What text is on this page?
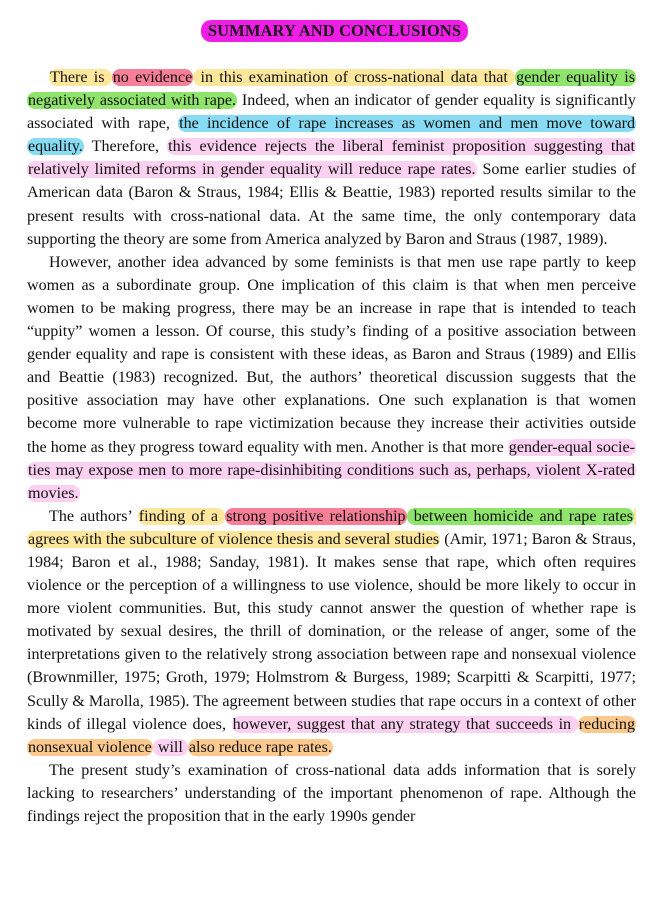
SUMMARY AND CONCLUSIONS

There is no evidence in this examination of cross-national data that gender equality is negatively associated with rape. Indeed, when an indicator of gender equality is significantly associated with rape, the incidence of rape increases as women and men move toward equality. Therefore, this evidence rejects the liberal feminist proposition suggesting that relatively limited reforms in gender equality will reduce rape rates. Some earlier studies of American data (Baron & Straus, 1984; Ellis & Beattie, 1983) reported results similar to the present results with cross-national data. At the same time, the only contemporary data supporting the theory are some from America analyzed by Baron and Straus (1987, 1989).

However, another idea advanced by some feminists is that men use rape partly to keep women as a subordinate group. One implication of this claim is that when men perceive women to be making progress, there may be an increase in rape that is intended to teach “uppity” women a lesson. Of course, this study’s finding of a positive association between gender equality and rape is consistent with these ideas, as Baron and Straus (1989) and Ellis and Beattie (1983) recognized. But, the authors’ theoretical discussion suggests that the positive association may have other explanations. One such explanation is that women become more vulnerable to rape victimization because they increase their activities outside the home as they progress toward equality with men. Another is that more gender-equal societies may expose men to more rape-disinhibiting conditions such as, perhaps, violent X-rated movies.

The authors’ finding of a strong positive relationship between homicide and rape rates agrees with the subculture of violence thesis and several studies (Amir, 1971; Baron & Straus, 1984; Baron et al., 1988; Sanday, 1981). It makes sense that rape, which often requires violence or the perception of a willingness to use violence, should be more likely to occur in more violent communities. But, this study cannot answer the question of whether rape is motivated by sexual desires, the thrill of domination, or the release of anger, some of the interpretations given to the relatively strong association between rape and nonsexual violence (Brownmiller, 1975; Groth, 1979; Holmstrom & Burgess, 1989; Scarpitti & Scarpitti, 1977; Scully & Marolla, 1985). The agreement between studies that rape occurs in a context of other kinds of illegal violence does, however, suggest that any strategy that succeeds in reducing nonsexual violence will also reduce rape rates.

The present study’s examination of cross-national data adds information that is sorely lacking to researchers’ understanding of the important phenomenon of rape. Although the findings reject the proposition that in the early 1990s gender
